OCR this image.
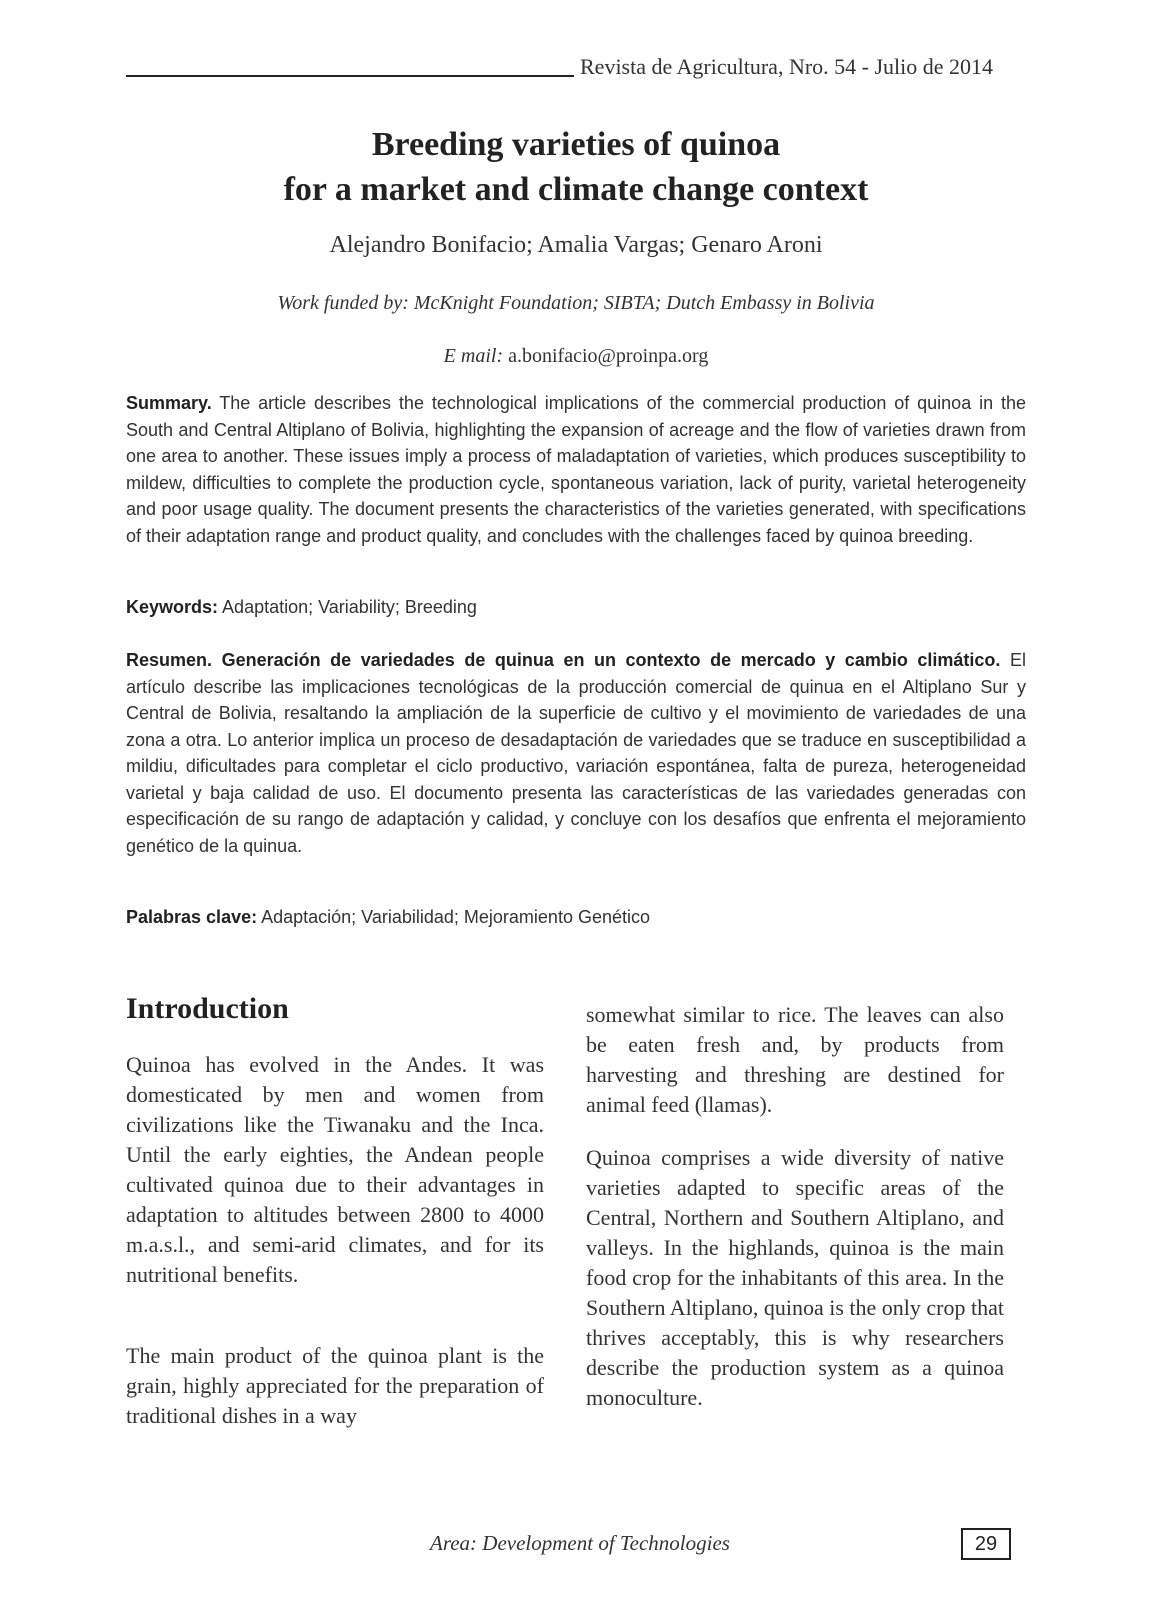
Revista de Agricultura, Nro. 54 - Julio de 2014
Breeding varieties of quinoa
for a market and climate change context
Alejandro Bonifacio; Amalia Vargas; Genaro Aroni
Work funded by: McKnight Foundation; SIBTA; Dutch Embassy in Bolivia
E mail: a.bonifacio@proinpa.org
Summary. The article describes the technological implications of the commercial production of quinoa in the South and Central Altiplano of Bolivia, highlighting the expansion of acreage and the flow of varieties drawn from one area to another. These issues imply a process of maladaptation of varieties, which produces susceptibility to mildew, difficulties to complete the production cycle, spontaneous variation, lack of purity, varietal heterogeneity and poor usage quality. The document presents the characteristics of the varieties generated, with specifications of their adaptation range and product quality, and concludes with the challenges faced by quinoa breeding.
Keywords: Adaptation; Variability; Breeding
Resumen. Generación de variedades de quinua en un contexto de mercado y cambio climático. El artículo describe las implicaciones tecnológicas de la producción comercial de quinua en el Altiplano Sur y Central de Bolivia, resaltando la ampliación de la superficie de cultivo y el movimiento de variedades de una zona a otra. Lo anterior implica un proceso de desadaptación de variedades que se traduce en susceptibilidad a mildiu, dificultades para completar el ciclo productivo, variación espontánea, falta de pureza, heterogeneidad varietal y baja calidad de uso. El documento presenta las características de las variedades generadas con especificación de su rango de adaptación y calidad, y concluye con los desafíos que enfrenta el mejoramiento genético de la quinua.
Palabras clave: Adaptación; Variabilidad; Mejoramiento Genético
Introduction

Quinoa has evolved in the Andes. It was domesticated by men and women from civilizations like the Tiwanaku and the Inca. Until the early eighties, the Andean people cultivated quinoa due to their advantages in adaptation to altitudes between 2800 to 4000 m.a.s.l., and semi-arid climates, and for its nutritional benefits.

The main product of the quinoa plant is the grain, highly appreciated for the preparation of traditional dishes in a way

somewhat similar to rice. The leaves can also be eaten fresh and, by products from harvesting and threshing are destined for animal feed (llamas).

Quinoa comprises a wide diversity of native varieties adapted to specific areas of the Central, Northern and Southern Altiplano, and valleys. In the highlands, quinoa is the main food crop for the inhabitants of this area. In the Southern Altiplano, quinoa is the only crop that thrives acceptably, this is why researchers describe the production system as a quinoa monoculture.

Area: Development of Technologies	29
